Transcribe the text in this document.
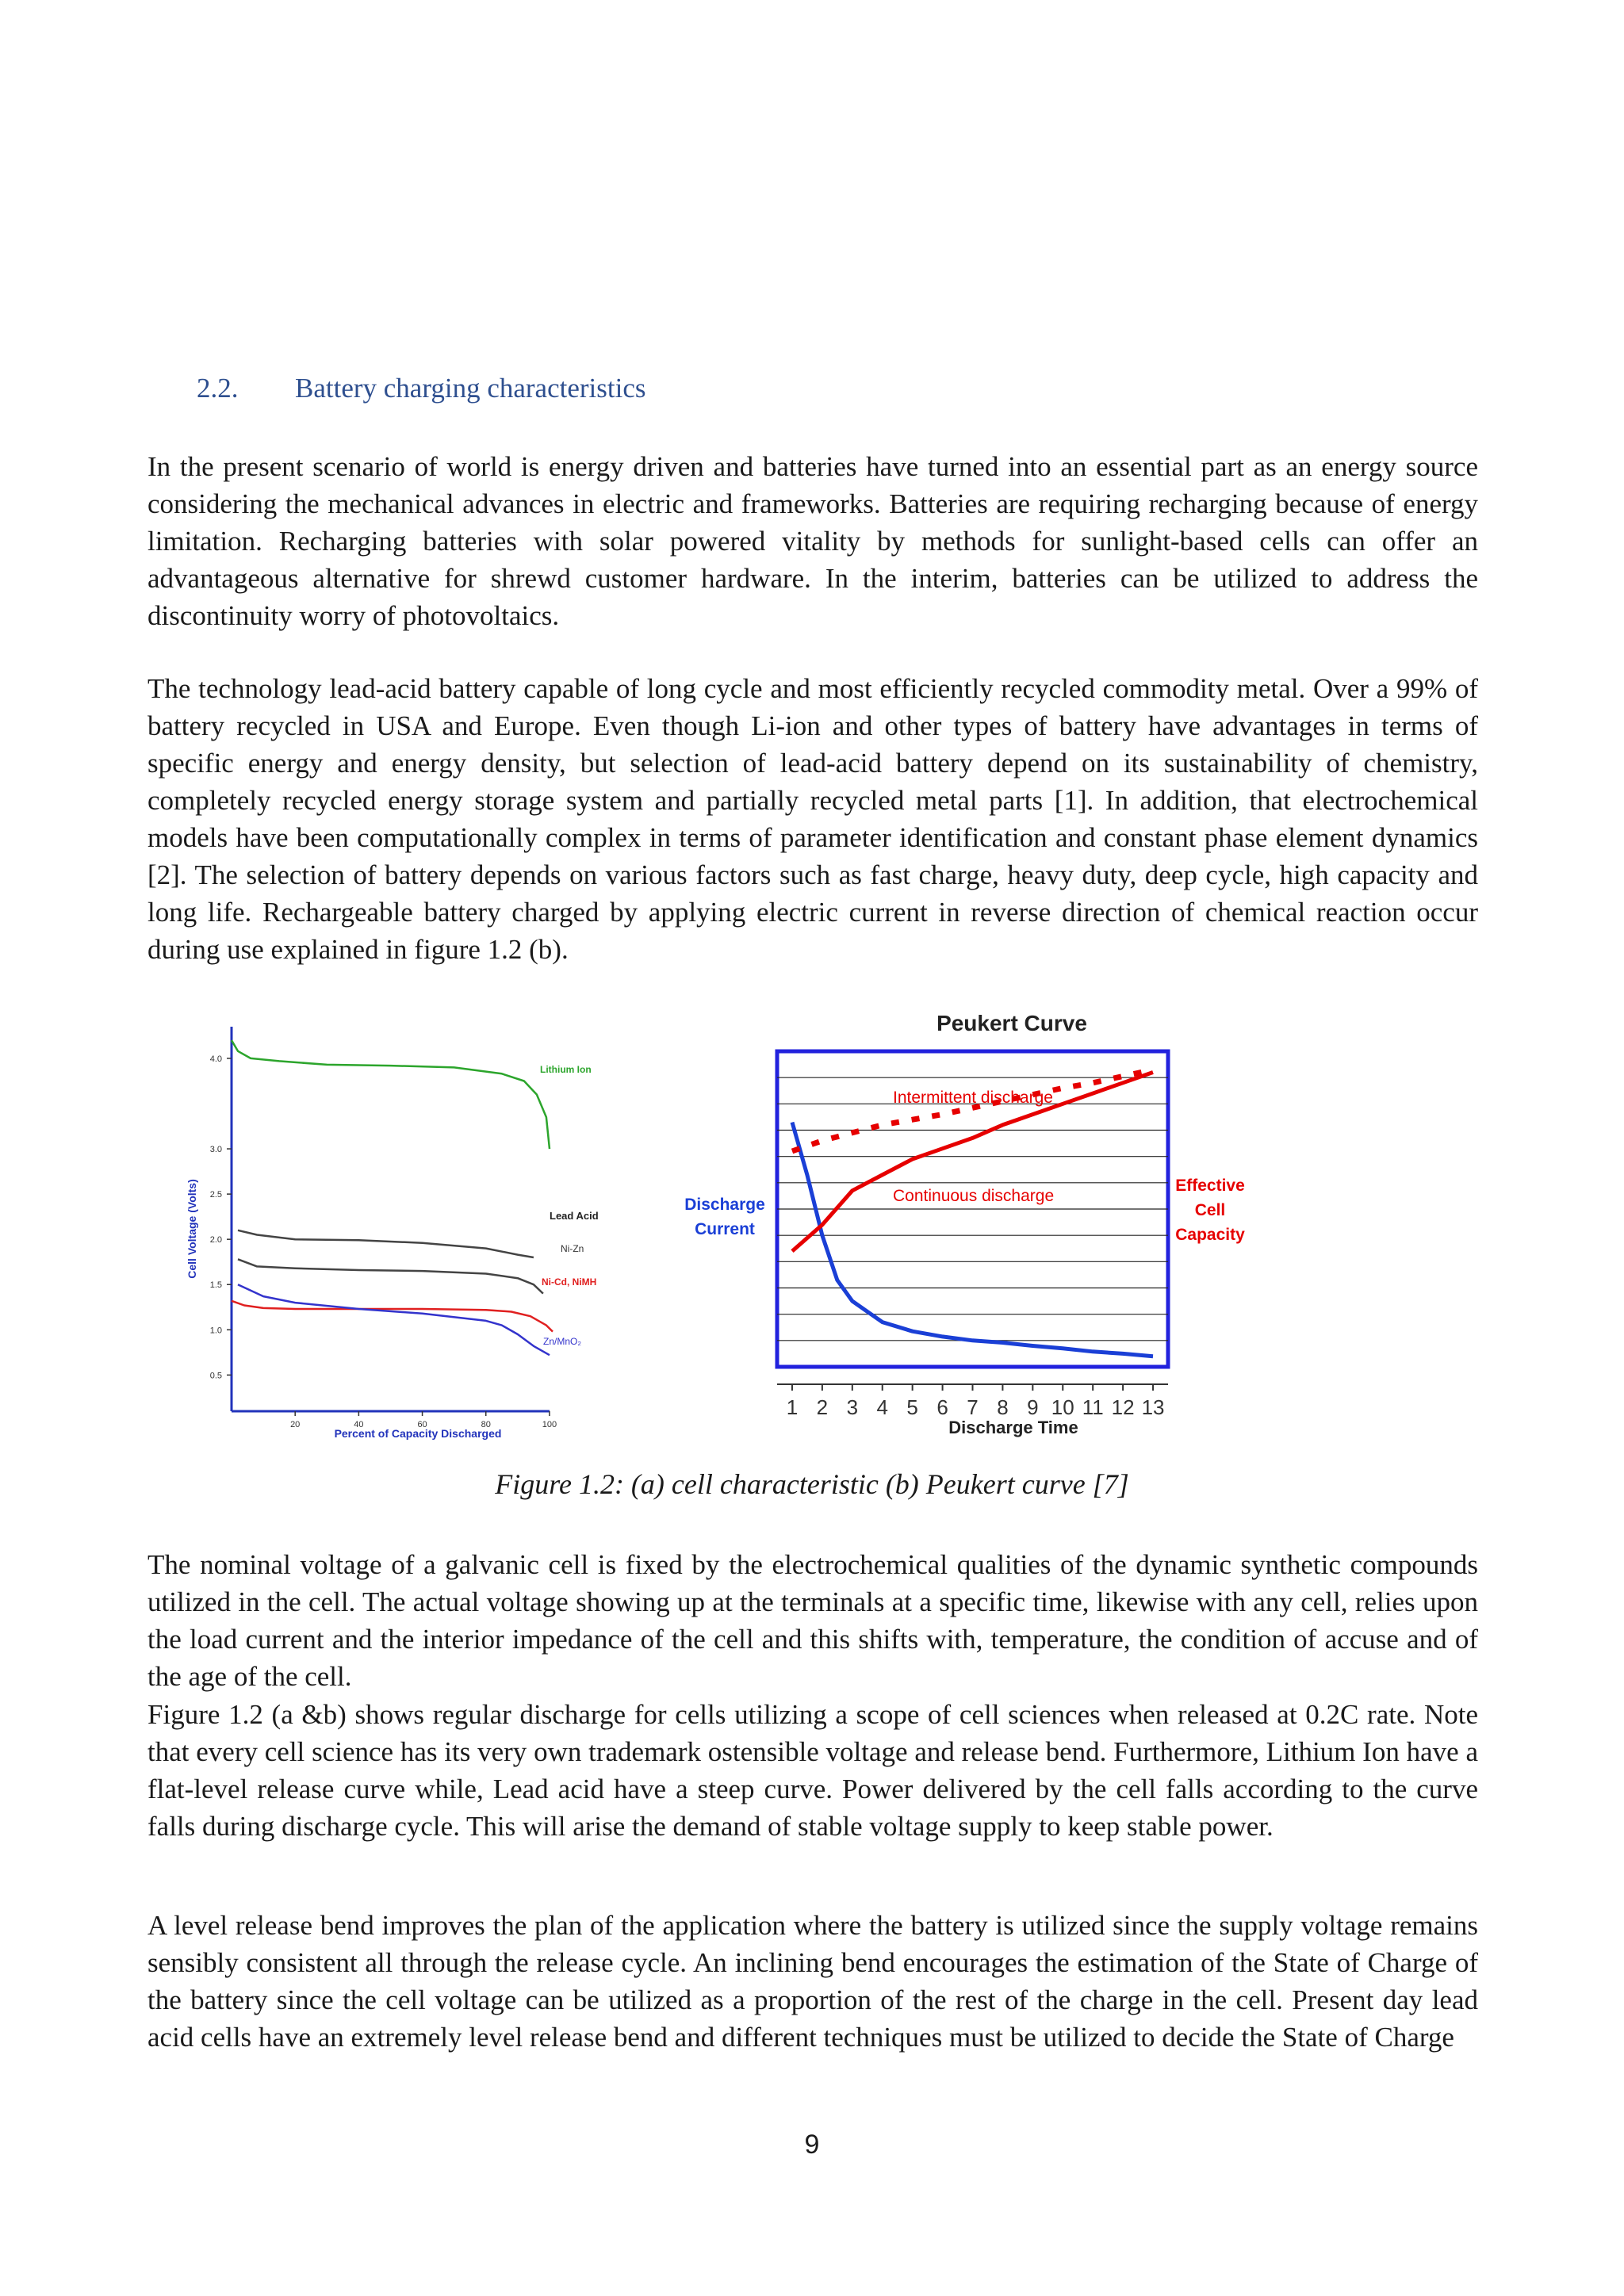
2.2. Battery charging characteristics

In the present scenario of world is energy driven and batteries have turned into an essential part as an energy source considering the mechanical advances in electric and frameworks. Batteries are requiring recharging because of energy limitation. Recharging batteries with solar powered vitality by methods for sunlight-based cells can offer an advantageous alternative for shrewd customer hardware. In the interim, batteries can be utilized to address the discontinuity worry of photovoltaics.

The technology lead-acid battery capable of long cycle and most efficiently recycled commodity metal. Over a 99% of battery recycled in USA and Europe. Even though Li-ion and other types of battery have advantages in terms of specific energy and energy density, but selection of lead-acid battery depend on its sustainability of chemistry, completely recycled energy storage system and partially recycled metal parts [1]. In addition, that electrochemical models have been computationally complex in terms of parameter identification and constant phase element dynamics [2]. The selection of battery depends on various factors such as fast charge, heavy duty, deep cycle, high capacity and long life. Rechargeable battery charged by applying electric current in reverse direction of chemical reaction occur during use explained in figure 1.2 (b).

4.0
3.0
2.5
2.0
1.5
1.0
0.5
20	40	60	80	100
Cell Voltage (Volts)
Percent of Capacity Discharged
Lithium Ion
Lead Acid
Ni-Zn
Ni-Cd, NiMH
Zn/MnO₂
Peukert Curve
1 2 3 4 5 6 7 8 9 10 11 12 13
Intermittent discharge
Continuous discharge
Discharge Current
Effective Cell Capacity
Discharge Time
Figure 1.2: (a) cell characteristic (b) Peukert curve [7]

The nominal voltage of a galvanic cell is fixed by the electrochemical qualities of the dynamic synthetic compounds utilized in the cell. The actual voltage showing up at the terminals at a specific time, likewise with any cell, relies upon the load current and the interior impedance of the cell and this shifts with, temperature, the condition of accuse and of the age of the cell.

Figure 1.2 (a &b) shows regular discharge for cells utilizing a scope of cell sciences when released at 0.2C rate. Note that every cell science has its very own trademark ostensible voltage and release bend. Furthermore, Lithium Ion have a flat-level release curve while, Lead acid have a steep curve. Power delivered by the cell falls according to the curve falls during discharge cycle. This will arise the demand of stable voltage supply to keep stable power.

A level release bend improves the plan of the application where the battery is utilized since the supply voltage remains sensibly consistent all through the release cycle. An inclining bend encourages the estimation of the State of Charge of the battery since the cell voltage can be utilized as a proportion of the rest of the charge in the cell. Present day lead acid cells have an extremely level release bend and different techniques must be utilized to decide the State of Charge

9
